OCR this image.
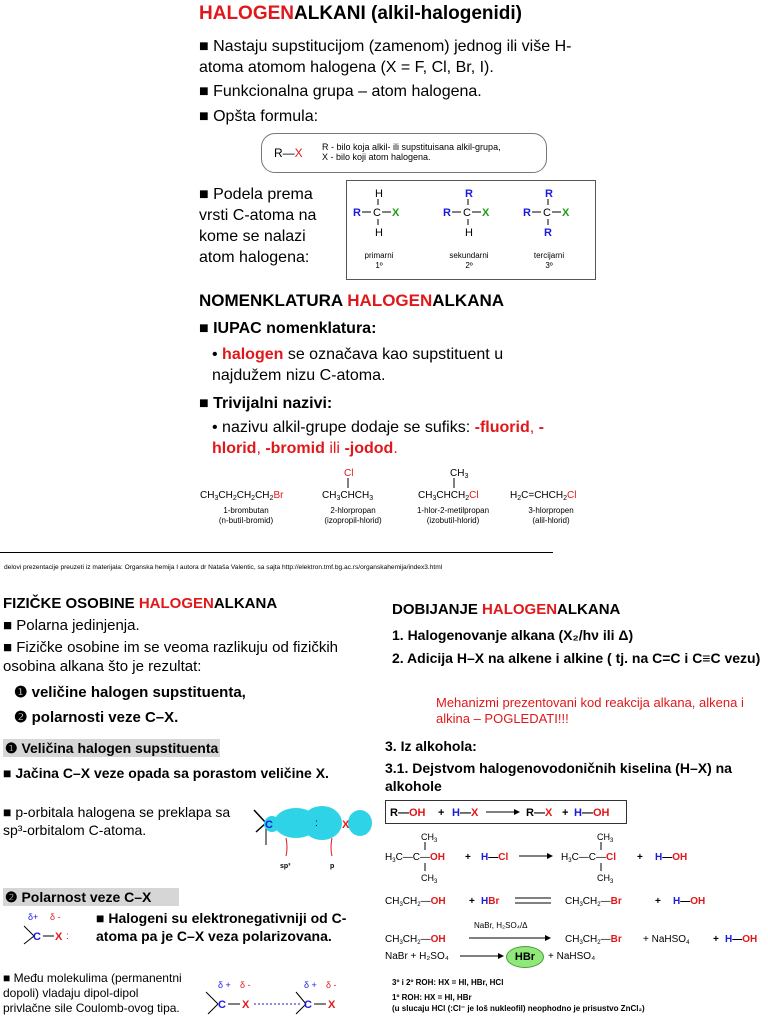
HALOGENALKANI (alkil-halogenidi)
■ Nastaju supstitucijom (zamenom) jednog ili više H-atoma atomom halogena (X = F, Cl, Br, I).
■ Funkcionalna grupa – atom halogena.
■ Opšta formula:
R—X R - bilo koja alkil- ili supstituisana alkil-grupa,
X - bilo koji atom halogena.
■ Podela prema vrsti C-atoma na kome se nalazi atom halogena:
H
R C X
H
R
R C X
H
R
R C X
R
primarni
1º
sekundarni
2º
tercijarni
3º
NOMENKLATURA HALOGENALKANA
■ IUPAC nomenklatura:
• halogen se označava kao supstituent u najdužem nizu C-atoma.
■ Trivijalni nazivi:
• nazivu alkil-grupe dodaje se sufiks: -fluorid, -hlorid, -bromid ili -jodod.
$CH_3CH_2CH_2CH_2Br$
Cl
$CH_3CHCH_3$
$CH_3$
$CH_3CHCH_2Cl$	$H_2C=CHCH_2Cl$
1-brombutan
(n-butil-bromid)
2-hlorpropan
(izopropil-hlorid)
1-hlor-2-metilpropan
(izobutil-hlorid)
3-hlorpropen
(alil-hlorid)
delovi prezentacije preuzeti iz materijala: Organska hemija I autora dr Nataša Valentic, sa sajta http://elektron.tmf.bg.ac.rs/organskahemija/index3.html
FIZIČKE OSOBINE HALOGENALKANA
■ Polarna jedinjenja.
■ Fizičke osobine im se veoma razlikuju od fizičkih osobina alkana što je rezultat:
❶ veličine halogen supstituenta,
❷ polarnosti veze C–X.
❶ Veličina halogen supstituenta
■ Jačina C–X veze opada sa porastom veličine X.
■ p-orbitala halogena se preklapa sa sp³-orbitalom C-atoma.	C	X
:
sp³	p
❷ Polarnost veze C–X
δ+ δ -
C X :
■ Halogeni su elektronegativniji od C-atoma pa je C–X veza polarizovana.
■ Među molekulima (permanentni dopoli) vladaju dipol-dipol privlačne sile Coulomb-ovog tipa.
δ + δ -
C X
δ + δ -
C X
DOBIJANJE HALOGENALKANA
1. Halogenovanje alkana (X₂/hν ili Δ)
2. Adicija H–X na alkene i alkine ( tj. na C=C i C≡C vezu)
Mehanizmi prezentovani kod reakcija alkana, alkena i alkina – POGLEDATI!!!
3. Iz alkohola:
3.1. Dejstvom halogenovodoničnih kiselina (H–X) na alkohole
R—OH + H—X	R—X + H—OH
$CH_3$
$H_3C—C—OH$
$CH_3$
+ H—Cl
$CH_3$
$H_3C—C—Cl$
$CH_3$
+ H—OH
$CH_3CH_2—OH$ + HBr	$CH_3CH_2—Br$	+ H—OH
NaBr, H₂SO₄/Δ
$CH_3CH_2—OH$	$CH_3CH_2—Br$ + NaHSO$_4$ + H—OH
NaBr + H₂SO₄	HBr	+ NaHSO₄
3º i 2º ROH: HX = HI, HBr, HCl
1º ROH: HX = HI, HBr
(u slucaju HCl (:Cl⁻ je loš nukleofil) neophodno je prisustvo ZnCl₂)
